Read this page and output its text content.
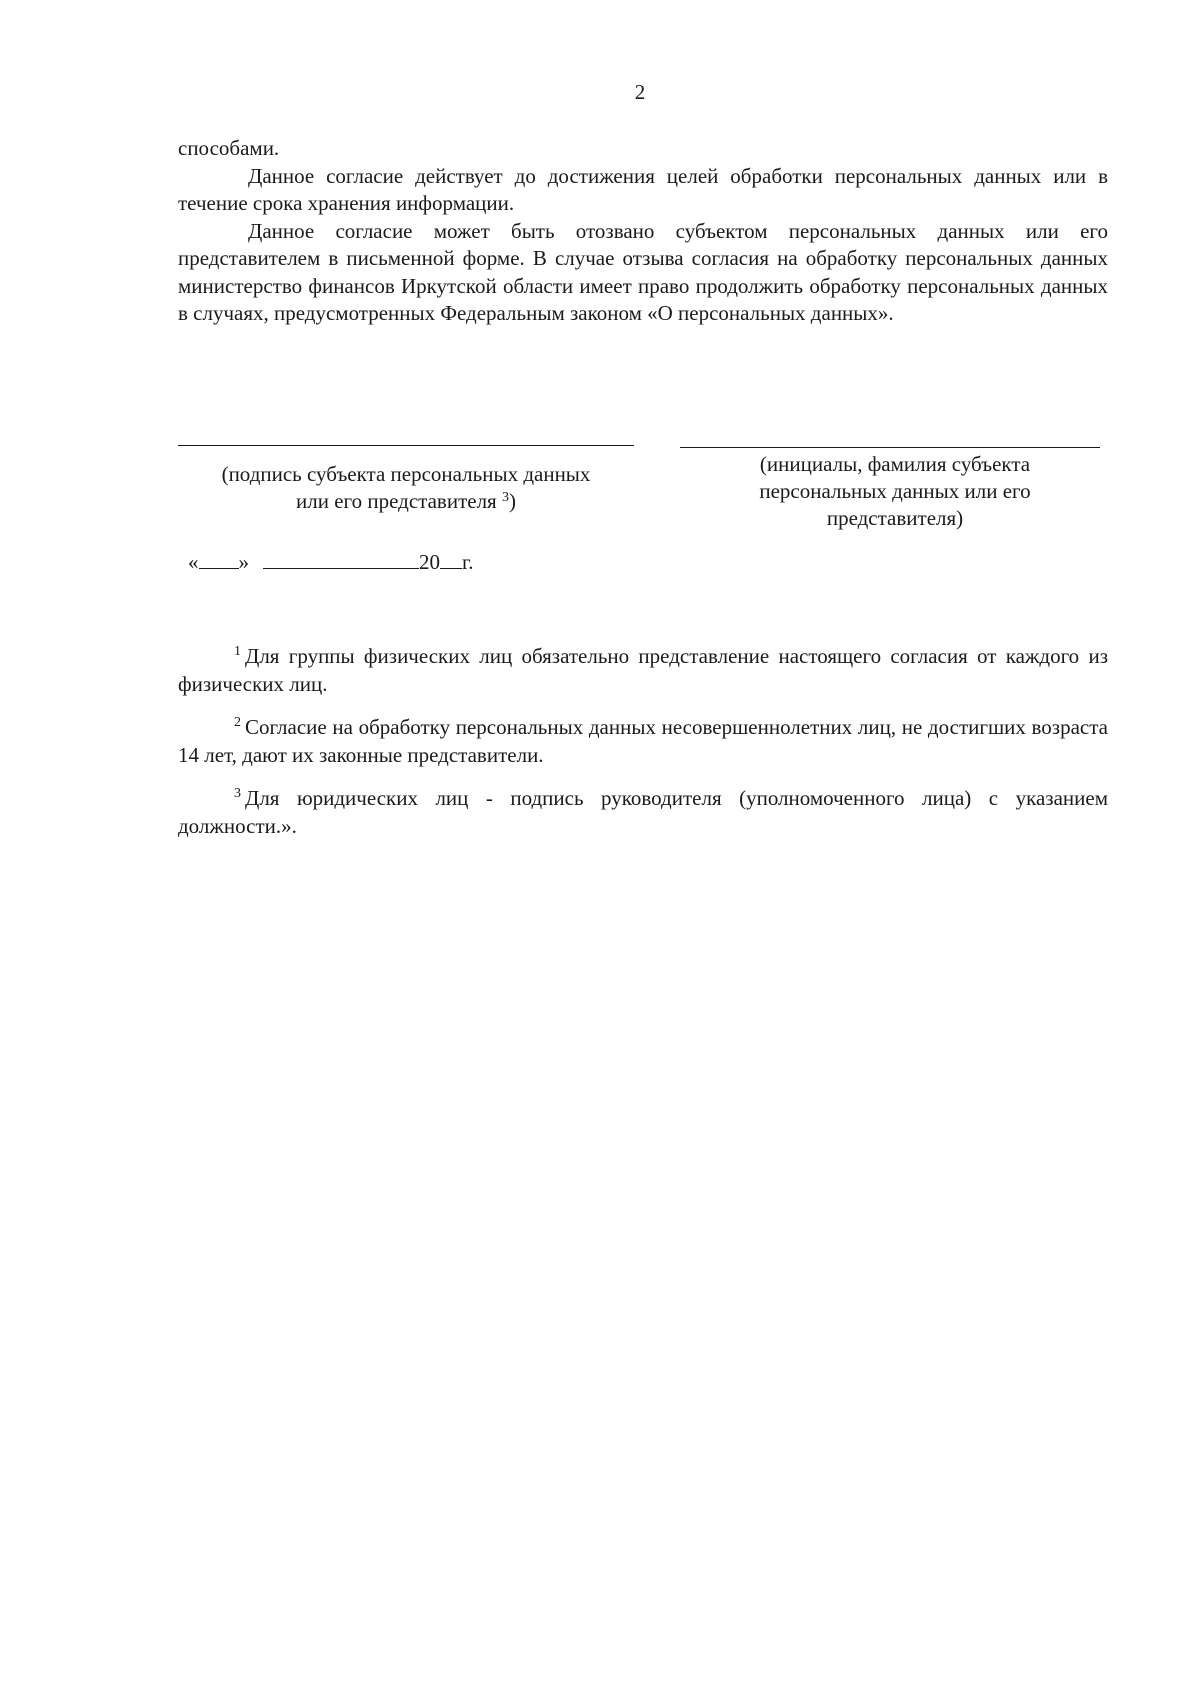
2

способами.

Данное согласие действует до достижения целей обработки персональных данных или в течение срока хранения информации.

Данное согласие может быть отозвано субъектом персональных данных или его представителем в письменной форме. В случае отзыва согласия на обработку персональных данных министерство финансов Иркутской области имеет право продолжить обработку персональных данных в случаях, предусмотренных Федеральным законом «О персональных данных».

(подпись субъекта персональных данных
или его представителя $^3$)
(инициалы, фамилия субъекта
персональных данных или его
представителя)
« »	20 г.

$^1$ Для группы физических лиц обязательно представление настоящего согласия от каждого из физических лиц.

$^2$ Согласие на обработку персональных данных несовершеннолетних лиц, не достигших возраста 14 лет, дают их законные представители.

$^3$ Для юридических лиц - подпись руководителя (уполномоченного лица) с указанием должности.».
